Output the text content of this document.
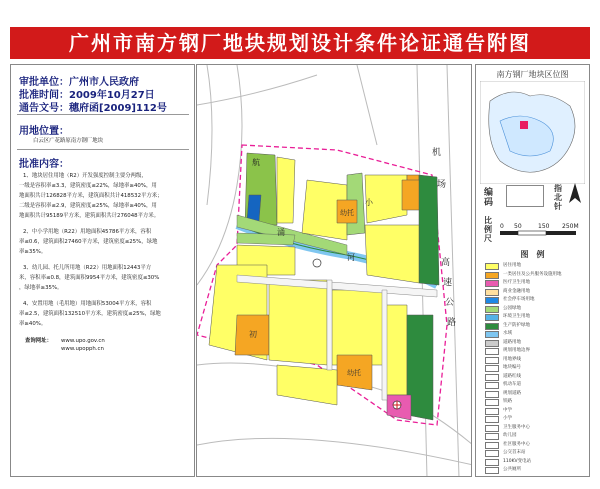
广州市南方钢厂地块规划设计条件论证通告附图
审批单位：广州市人民政府
批准时间：2009年10月27日
通告文号：穗府函[2009]112号
用地位置：
白云区广花路原南方钢厂地块
批准内容：
1、地块居住用地（R2）开发强度控制主要分两级，
一级是容积率≤3.3，建筑密度≤22%，绿地率≥40%，用
地面积共计126828平方米，建筑面积共计418532平方米；
二级是容积率≤2.9，建筑密度≤25%，绿地率≥40%，用
地面积共计95189平方米，建筑面积共计276048平方米。
2、中小学用地（R22）用地面积45786平方米，容积
率≤0.6，建筑面积27460平方米，建筑密度≤25%，绿地
率≥35%。
3、幼儿园、托儿所用地（R22）用地面积12443平方
米，容积率≤0.8，建筑面积9954平方米，建筑密度≤30%
，绿地率≥35%。
4、安置用地（毛用地）用地面积53004平方米，容积
率≤2.5，建筑面积132510平方米，建筑密度≤25%，绿地
率≥40%。
查询网址： www.upo.gov.cn
www.upopph.cn
小
幼托
初
幼托
机
场
高
速
公
路
航
河
涌
南方钢厂地块区位图
编
码
指
北
针
比
例
尺
0 50	150 250M
图　例
居住用地
一类居住及公共服务设施用地
医疗卫生用地
商业金融用地
社会停车场用地
公园绿地
环境卫生用地
生产防护绿地
水域
道路用地
规划用地边界
用地界线
地块编号
道路红线
机动车道
规划道路
铁路
中学
小学
卫生服务中心
幼儿园
社区服务中心
公交首末站
110KV变电站
公共厕所
